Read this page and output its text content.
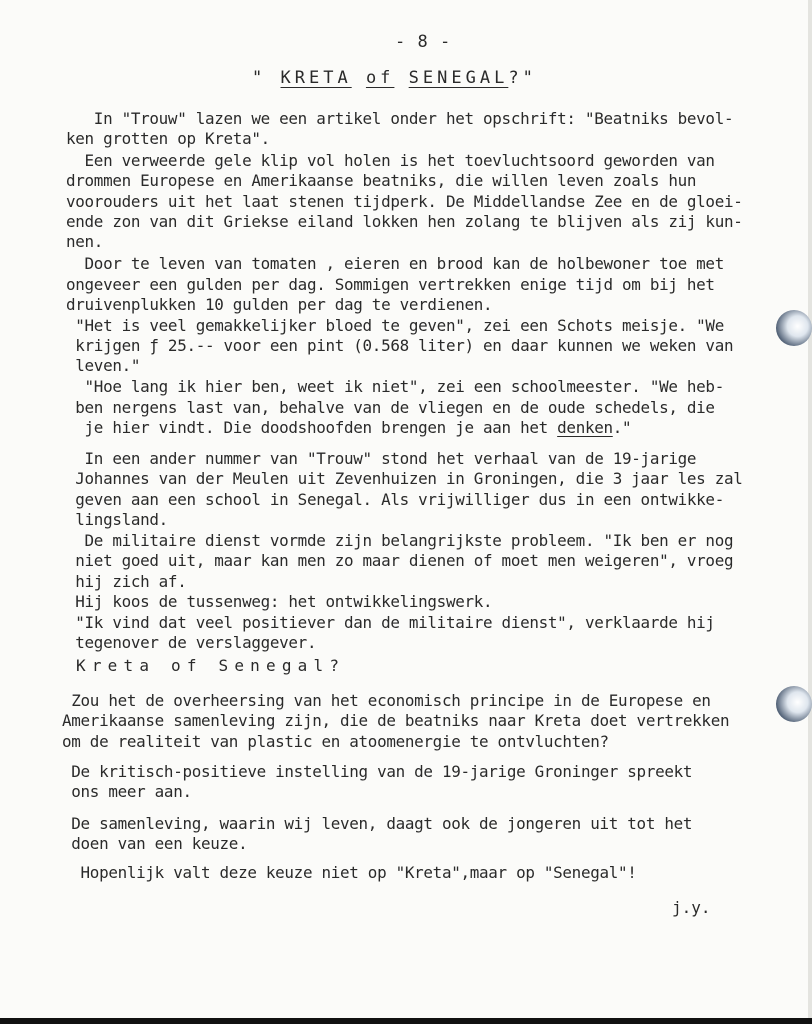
- 8 -
" KRETA of SENEGAL?"
In "Trouw" lazen we een artikel onder het opschrift: "Beatniks bevol-
ken grotten op Kreta".
Een verweerde gele klip vol holen is het toevluchtsoord geworden van
drommen Europese en Amerikaanse beatniks, die willen leven zoals hun
voorouders uit het laat stenen tijdperk. De Middellandse Zee en de gloei-
ende zon van dit Griekse eiland lokken hen zolang te blijven als zij kun-
nen.
Door te leven van tomaten , eieren en brood kan de holbewoner toe met
ongeveer een gulden per dag. Sommigen vertrekken enige tijd om bij het
druivenplukken 10 gulden per dag te verdienen.
"Het is veel gemakkelijker bloed te geven", zei een Schots meisje. "We
krijgen ƒ 25.-- voor een pint (0.568 liter) en daar kunnen we weken van
leven."
"Hoe lang ik hier ben, weet ik niet", zei een schoolmeester. "We heb-
ben nergens last van, behalve van de vliegen en de oude schedels, die
je hier vindt. Die doodshoofden brengen je aan het denken."
In een ander nummer van "Trouw" stond het verhaal van de 19-jarige
Johannes van der Meulen uit Zevenhuizen in Groningen, die 3 jaar les zal
geven aan een school in Senegal. Als vrijwilliger dus in een ontwikke-
lingsland.
De militaire dienst vormde zijn belangrijkste probleem. "Ik ben er nog
niet goed uit, maar kan men zo maar dienen of moet men weigeren", vroeg
hij zich af.
Hij koos de tussenweg: het ontwikkelingswerk.
"Ik vind dat veel positiever dan de militaire dienst", verklaarde hij
tegenover de verslaggever.
Kreta of Senegal?
Zou het de overheersing van het economisch principe in de Europese en
Amerikaanse samenleving zijn, die de beatniks naar Kreta doet vertrekken
om de realiteit van plastic en atoomenergie te ontvluchten?
De kritisch-positieve instelling van de 19-jarige Groninger spreekt
ons meer aan.
De samenleving, waarin wij leven, daagt ook de jongeren uit tot het
doen van een keuze.
Hopenlijk valt deze keuze niet op "Kreta",maar op "Senegal"!
j.y.
